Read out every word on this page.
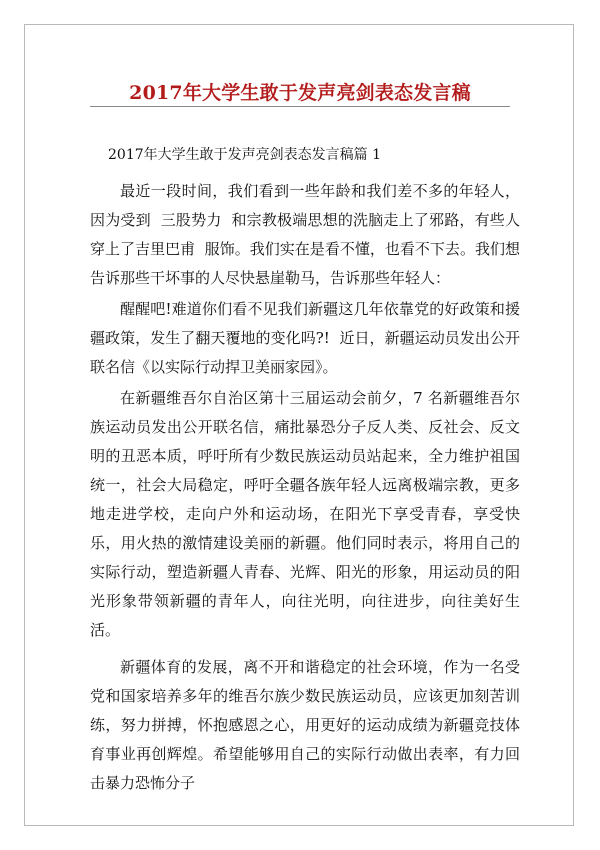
2017年大学生敢于发声亮剑表态发言稿

2017年大学生敢于发声亮剑表态发言稿篇 1

最近一段时间，我们看到一些年龄和我们差不多的年轻人，因为受到  三股势力  和宗教极端思想的洗脑走上了邪路，有些人穿上了吉里巴甫  服饰。我们实在是看不懂，也看不下去。我们想告诉那些干坏事的人尽快悬崖勒马，告诉那些年轻人：

醒醒吧!难道你们看不见我们新疆这几年依靠党的好政策和援疆政策，发生了翻天覆地的变化吗?!  近日，新疆运动员发出公开联名信《以实际行动捍卫美丽家园》。

在新疆维吾尔自治区第十三届运动会前夕，7 名新疆维吾尔族运动员发出公开联名信，痛批暴恐分子反人类、反社会、反文明的丑恶本质，呼吁所有少数民族运动员站起来，全力维护祖国统一，社会大局稳定，呼吁全疆各族年轻人远离极端宗教，更多地走进学校，走向户外和运动场，在阳光下享受青春，享受快乐，用火热的激情建设美丽的新疆。他们同时表示，将用自己的实际行动，塑造新疆人青春、光辉、阳光的形象，用运动员的阳光形象带领新疆的青年人，向往光明，向往进步，向往美好生活。

新疆体育的发展，离不开和谐稳定的社会环境，作为一名受党和国家培养多年的维吾尔族少数民族运动员，应该更加刻苦训练，努力拼搏，怀抱感恩之心，用更好的运动成绩为新疆竞技体育事业再创辉煌。希望能够用自己的实际行动做出表率，有力回击暴力恐怖分子
